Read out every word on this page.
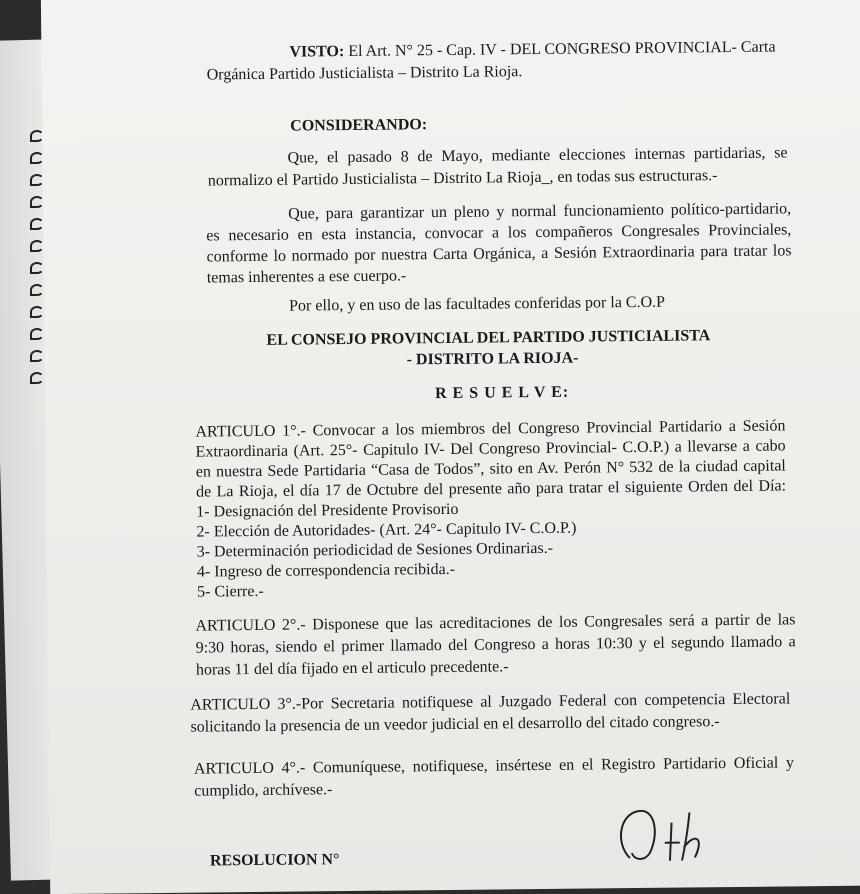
VISTO: El Art. N° 25 - Cap. IV - DEL CONGRESO PROVINCIAL- Carta
Orgánica Partido Justicialista – Distrito La Rioja.
CONSIDERANDO:
Que, el pasado 8 de Mayo, mediante elecciones internas partidarias, se
normalizo el Partido Justicialista – Distrito La Rioja_, en todas sus estructuras.-
Que, para garantizar un pleno y normal funcionamiento político-partidario,
es necesario en esta instancia, convocar a los compañeros Congresales Provinciales,
conforme lo normado por nuestra Carta Orgánica, a Sesión Extraordinaria para tratar los
temas inherentes a ese cuerpo.-
Por ello, y en uso de las facultades conferidas por la C.O.P
EL CONSEJO PROVINCIAL DEL PARTIDO JUSTICIALISTA
- DISTRITO LA RIOJA-
R E S U E L V E:
ARTICULO 1°.- Convocar a los miembros del Congreso Provincial Partidario a Sesión
Extraordinaria (Art. 25°- Capitulo IV- Del Congreso Provincial- C.O.P.) a llevarse a cabo
en nuestra Sede Partidaria “Casa de Todos”, sito en Av. Perón N° 532 de la ciudad capital
de La Rioja, el día 17 de Octubre del presente año para tratar el siguiente Orden del Día:
1- Designación del Presidente Provisorio
2- Elección de Autoridades- (Art. 24°- Capitulo IV- C.O.P.)
3- Determinación periodicidad de Sesiones Ordinarias.-
4- Ingreso de correspondencia recibida.-
5- Cierre.-
ARTICULO 2°.- Disponese que las acreditaciones de los Congresales será a partir de las
9:30 horas, siendo el primer llamado del Congreso a horas 10:30 y el segundo llamado a
horas 11 del día fijado en el articulo precedente.-
ARTICULO 3°.-Por Secretaria notifiquese al Juzgado Federal con competencia Electoral
solicitando la presencia de un veedor judicial en el desarrollo del citado congreso.-
ARTICULO 4°.- Comuníquese, notifiquese, insértese en el Registro Partidario Oficial y
cumplido, archívese.-
RESOLUCION N°
